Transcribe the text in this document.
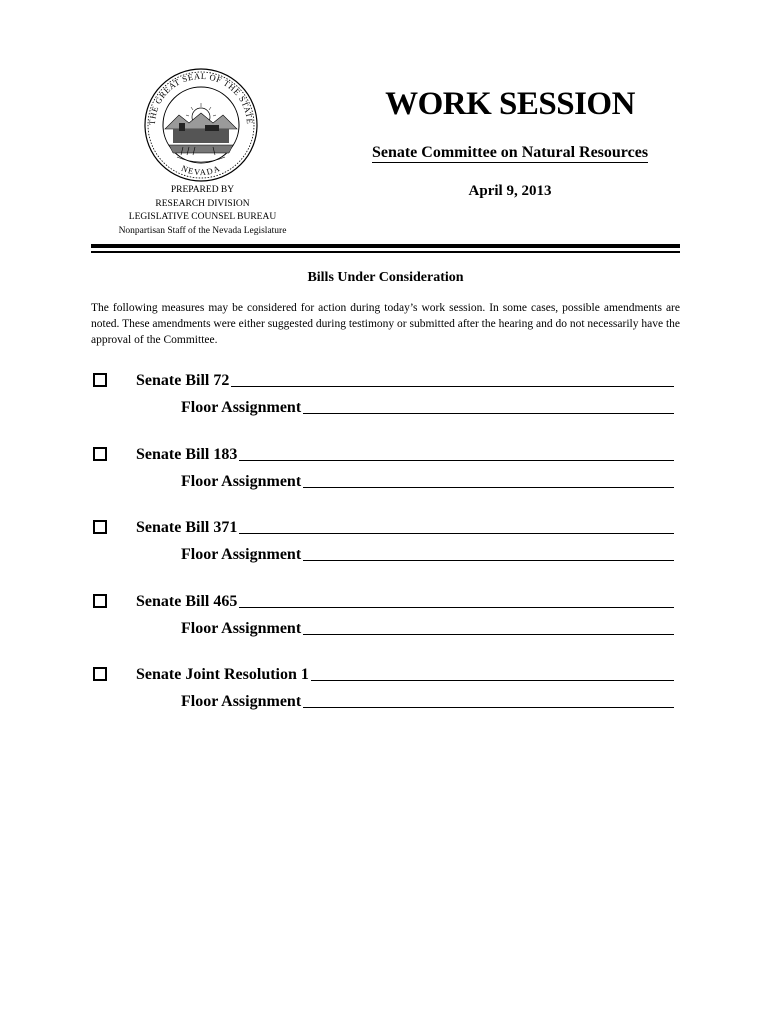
THE GREAT SEAL OF THE STATE
NEVADA
WORK SESSION
Senate Committee on Natural Resources
April 9, 2013
PREPARED BY
RESEARCH DIVISION
LEGISLATIVE COUNSEL BUREAU
Nonpartisan Staff of the Nevada Legislature
Bills Under Consideration
The following measures may be considered for action during today’s work session. In some cases, possible amendments are noted. These amendments were either suggested during testimony or submitted after the hearing and do not necessarily have the approval of the Committee.
Senate Bill 72
Floor Assignment
Senate Bill 183
Floor Assignment
Senate Bill 371
Floor Assignment
Senate Bill 465
Floor Assignment
Senate Joint Resolution 1
Floor Assignment
